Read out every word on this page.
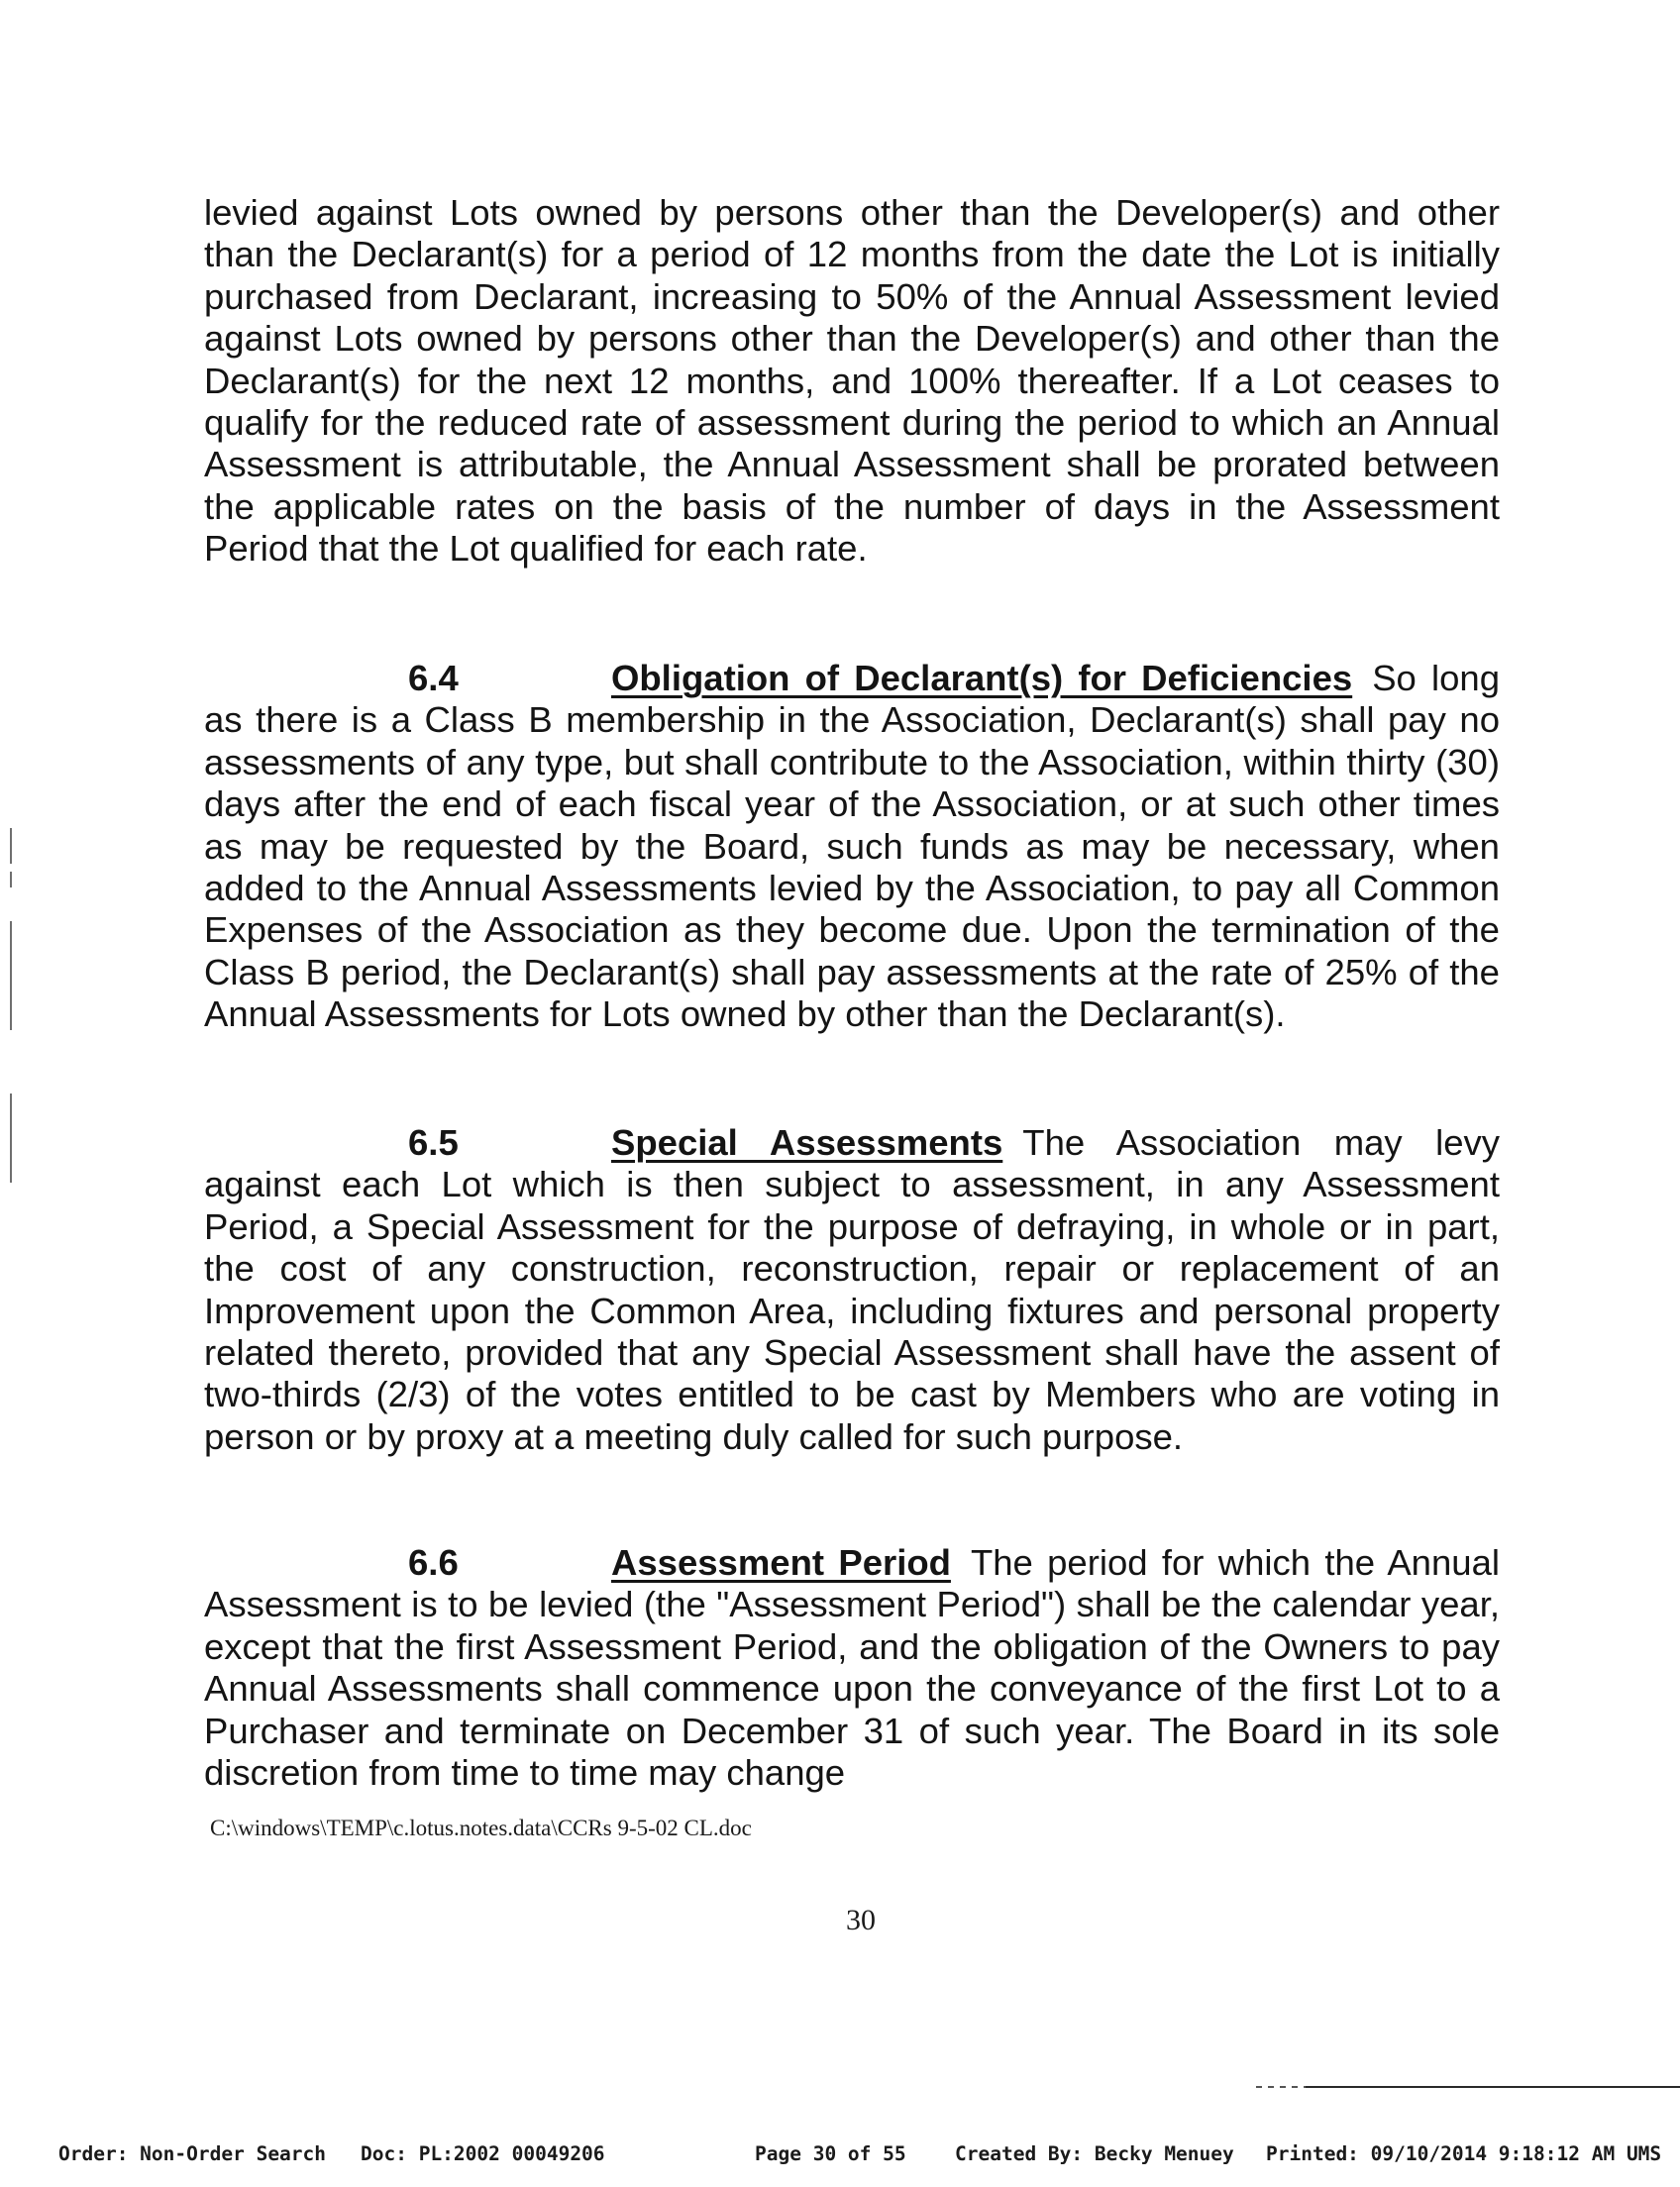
levied against Lots owned by persons other than the Developer(s) and other than the Declarant(s) for a period of 12 months from the date the Lot is initially purchased from Declarant, increasing to 50% of the Annual Assessment levied against Lots owned by persons other than the Developer(s) and other than the Declarant(s) for the next 12 months, and 100% thereafter. If a Lot ceases to qualify for the reduced rate of assessment during the period to which an Annual Assessment is attributable, the Annual Assessment shall be prorated between the applicable rates on the basis of the number of days in the Assessment Period that the Lot qualified for each rate.

6.4	Obligation of Declarant(s) for Deficiencies So long as there is a Class B membership in the Association, Declarant(s) shall pay no assessments of any type, but shall contribute to the Association, within thirty (30) days after the end of each fiscal year of the Association, or at such other times as may be requested by the Board, such funds as may be necessary, when added to the Annual Assessments levied by the Association, to pay all Common Expenses of the Association as they become due. Upon the termination of the Class B period, the Declarant(s) shall pay assessments at the rate of 25% of the Annual Assessments for Lots owned by other than the Declarant(s).

6.5	Special Assessments The Association may levy against each Lot which is then subject to assessment, in any Assessment Period, a Special Assessment for the purpose of defraying, in whole or in part, the cost of any construction, reconstruction, repair or replacement of an Improvement upon the Common Area, including fixtures and personal property related thereto, provided that any Special Assessment shall have the assent of two-thirds (2/3) of the votes entitled to be cast by Members who are voting in person or by proxy at a meeting duly called for such purpose.

6.6	Assessment Period The period for which the Annual Assessment is to be levied (the "Assessment Period") shall be the calendar year, except that the first Assessment Period, and the obligation of the Owners to pay Annual Assessments shall commence upon the conveyance of the first Lot to a Purchaser and terminate on December 31 of such year. The Board in its sole discretion from time to time may change

C:\windows\TEMP\c.lotus.notes.data\CCRs 9-5-02 CL.doc
30
Order: Non-Order Search Doc: PL:2002 00049206	Page 30 of 55	Created By: Becky Menuey Printed: 09/10/2014 9:18:12 AM UMS
